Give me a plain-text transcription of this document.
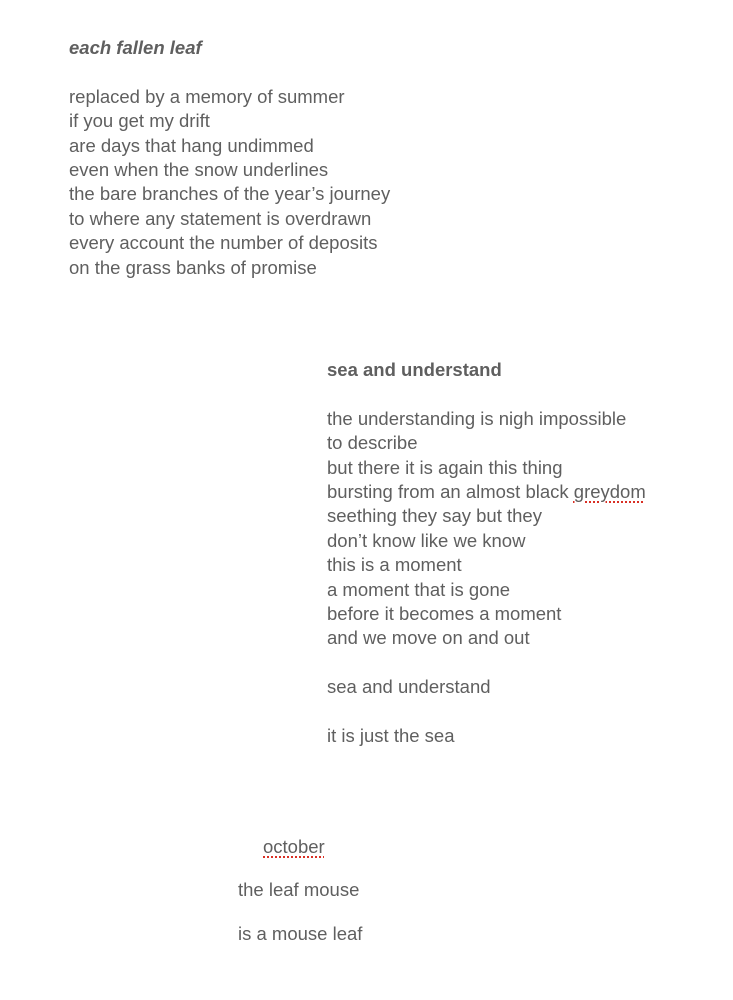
each fallen leaf

replaced by a memory of summer
if you get my drift
are days that hang undimmed
even when the snow underlines
the bare branches of the year’s journey
to where any statement is overdrawn
every account the number of deposits
on the grass banks of promise

sea and understand

the understanding is nigh impossible
to describe
but there it is again this thing
bursting from an almost black greydom
seething they say but they
don’t know like we know
this is a moment
a moment that is gone
before it becomes a moment
and we move on and out
sea and understand
it is just the sea
october
the leaf mouse
is a mouse leaf
